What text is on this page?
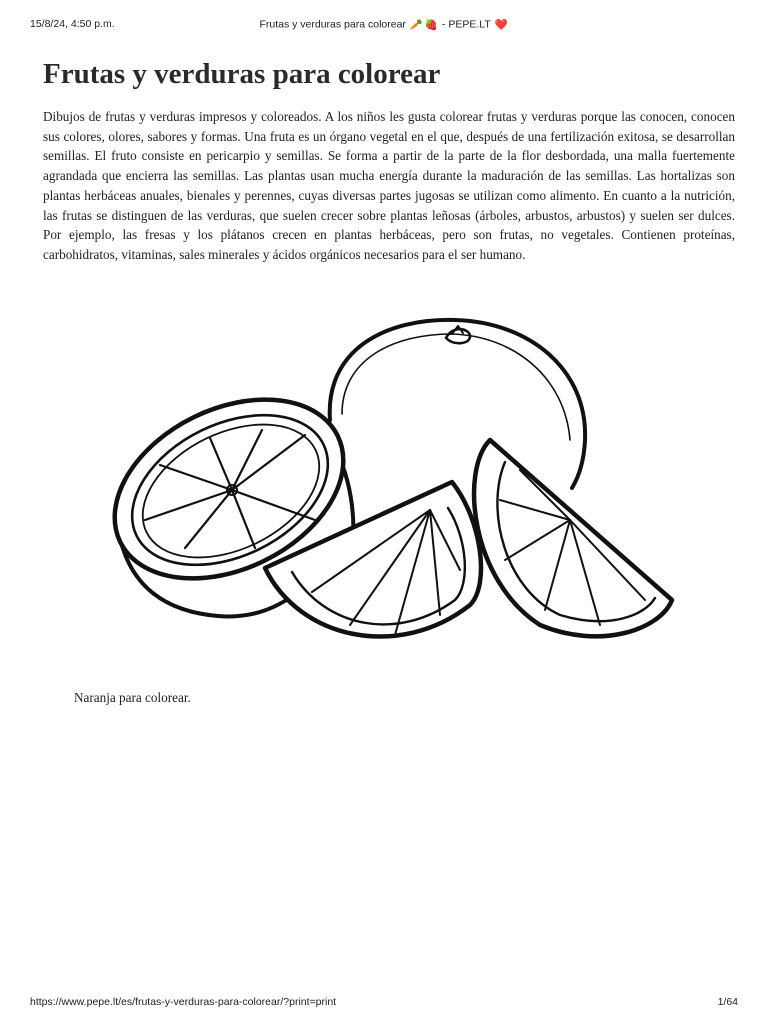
15/8/24, 4:50 p.m.	Frutas y verduras para colorear 🥕 🍓 - PEPE.LT ❤️
Frutas y verduras para colorear

Dibujos de frutas y verduras impresos y coloreados. A los niños les gusta colorear frutas y verduras porque las conocen, conocen sus colores, olores, sabores y formas. Una fruta es un órgano vegetal en el que, después de una fertilización exitosa, se desarrollan semillas. El fruto consiste en pericarpio y semillas. Se forma a partir de la parte de la flor desbordada, una malla fuertemente agrandada que encierra las semillas. Las plantas usan mucha energía durante la maduración de las semillas. Las hortalizas son plantas herbáceas anuales, bienales y perennes, cuyas diversas partes jugosas se utilizan como alimento. En cuanto a la nutrición, las frutas se distinguen de las verduras, que suelen crecer sobre plantas leñosas (árboles, arbustos, arbustos) y suelen ser dulces. Por ejemplo, las fresas y los plátanos crecen en plantas herbáceas, pero son frutas, no vegetales. Contienen proteínas, carbohidratos, vitaminas, sales minerales y ácidos orgánicos necesarios para el ser humano.

Naranja para colorear.

https://www.pepe.lt/es/frutas-y-verduras-para-colorear/?print=print	1/64
